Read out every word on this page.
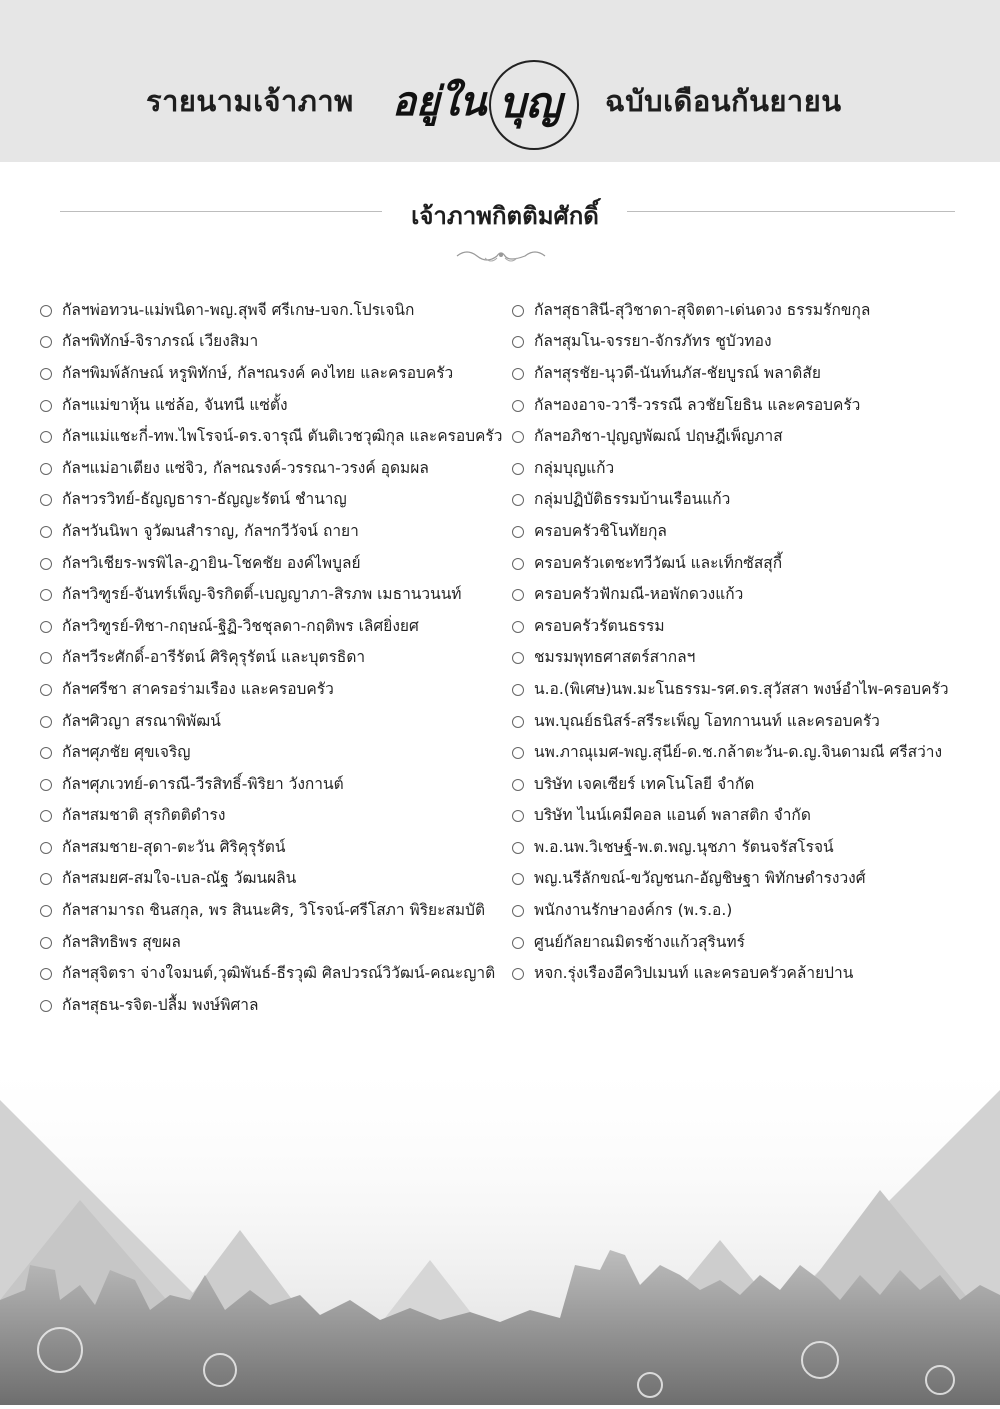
รายนามเจ้าภาพ อยู่ใน บุญ ฉบับเดือนกันยายน
เจ้าภาพกิตติมศักดิ์
กัลฯพ่อทวน-แม่พนิดา-พญ.สุพจี ศรีเกษ-บจก.โปรเจนิก
กัลฯพิทักษ์-จิราภรณ์ เวียงสิมา
กัลฯพิมพ์ลักษณ์ หรูพิทักษ์, กัลฯณรงค์ คงไทย และครอบครัว
กัลฯแม่ขาหุ้น แซ่ล้อ, จันทนี แซ่ตั้ง
กัลฯแม่แชะกี่-ทพ.ไพโรจน์-ดร.จารุณี ตันติเวชวุฒิกุล และครอบครัว
กัลฯแม่อาเตียง แซ่จิว, กัลฯณรงค์-วรรณา-วรงค์ อุดมผล
กัลฯวรวิทย์-ธัญญธารา-ธัญญะรัตน์ ชำนาญ
กัลฯวันนิพา จูวัฒนสำราญ, กัลฯกวีวัจน์ ถายา
กัลฯวิเชียร-พรพิไล-ฎายิน-โชคชัย องค์ไพบูลย์
กัลฯวิฑูรย์-จันทร์เพ็ญ-จิรกิตติ์-เบญญาภา-สิรภพ เมธานวนนท์
กัลฯวิฑูรย์-ทิชา-กฤษณ์-ฐิฏิ-วิชชุลดา-กฤติพร เลิศยิ่งยศ
กัลฯวีระศักดิ์-อารีรัตน์ ศิริคุรุรัตน์ และบุตรธิดา
กัลฯศรีชา สาครอร่ามเรือง และครอบครัว
กัลฯศิวญา สรณาพิพัฒน์
กัลฯศุภชัย ศุขเจริญ
กัลฯศุภเวทย์-ดารณี-วีรสิทธิ์-พิริยา วังกานต์
กัลฯสมชาติ สุรกิตติดำรง
กัลฯสมชาย-สุดา-ตะวัน ศิริคุรุรัตน์
กัลฯสมยศ-สมใจ-เบล-ณัฐ วัฒนผลิน
กัลฯสามารถ ชินสกุล, พร สินนะศิร, วิโรจน์-ศรีโสภา พิริยะสมบัติ
กัลฯสิทธิพร สุขผล
กัลฯสุจิตรา จ่างใจมนต์,วุฒิพันธ์-ธีรวุฒิ ศิลปวรณ์วิวัฒน์-คณะญาติ
กัลฯสุธน-รจิต-ปลื้ม พงษ์พิศาล
กัลฯสุธาสินี-สุวิชาดา-สุจิตตา-เด่นดวง ธรรมรักขกุล
กัลฯสุมโน-จรรยา-จักรภัทร ชูบัวทอง
กัลฯสุรชัย-นุวดี-นันท์นภัส-ชัยบูรณ์ พลาดิสัย
กัลฯองอาจ-วารี-วรรณี ลวชัยโยธิน และครอบครัว
กัลฯอภิชา-ปุญญพัฒณ์ ปฤษฎีเพ็ญภาส
กลุ่มบุญแก้ว
กลุ่มปฏิบัติธรรมบ้านเรือนแก้ว
ครอบครัวชิโนทัยกุล
ครอบครัวเตชะทวีวัฒน์ และเท็กซัสสุกี้
ครอบครัวฟักมณี-หอพักดวงแก้ว
ครอบครัวรัตนธรรม
ชมรมพุทธศาสตร์สากลฯ
น.อ.(พิเศษ)นพ.มะโนธรรม-รศ.ดร.สุวัสสา พงษ์อำไพ-ครอบครัว
นพ.บุณย์ธนิสร์-สรีระเพ็ญ โอทกานนท์ และครอบครัว
นพ.ภาณุเมศ-พญ.สุนีย์-ด.ช.กล้าตะวัน-ด.ญ.จินดามณี ศรีสว่าง
บริษัท เจคเซียร์ เทคโนโลยี จำกัด
บริษัท ไนน์เคมีคอล แอนด์ พลาสติก จำกัด
พ.อ.นพ.วิเชษฐ์-พ.ต.พญ.นุชภา รัตนจรัสโรจน์
พญ.นรีลักขณ์-ขวัญชนก-อัญชิษฐา พิทักษดำรงวงศ์
พนักงานรักษาองค์กร (พ.ร.อ.)
ศูนย์กัลยาณมิตรช้างแก้วสุรินทร์
หจก.รุ่งเรืองอีควิปเมนท์ และครอบครัวคล้ายปาน
